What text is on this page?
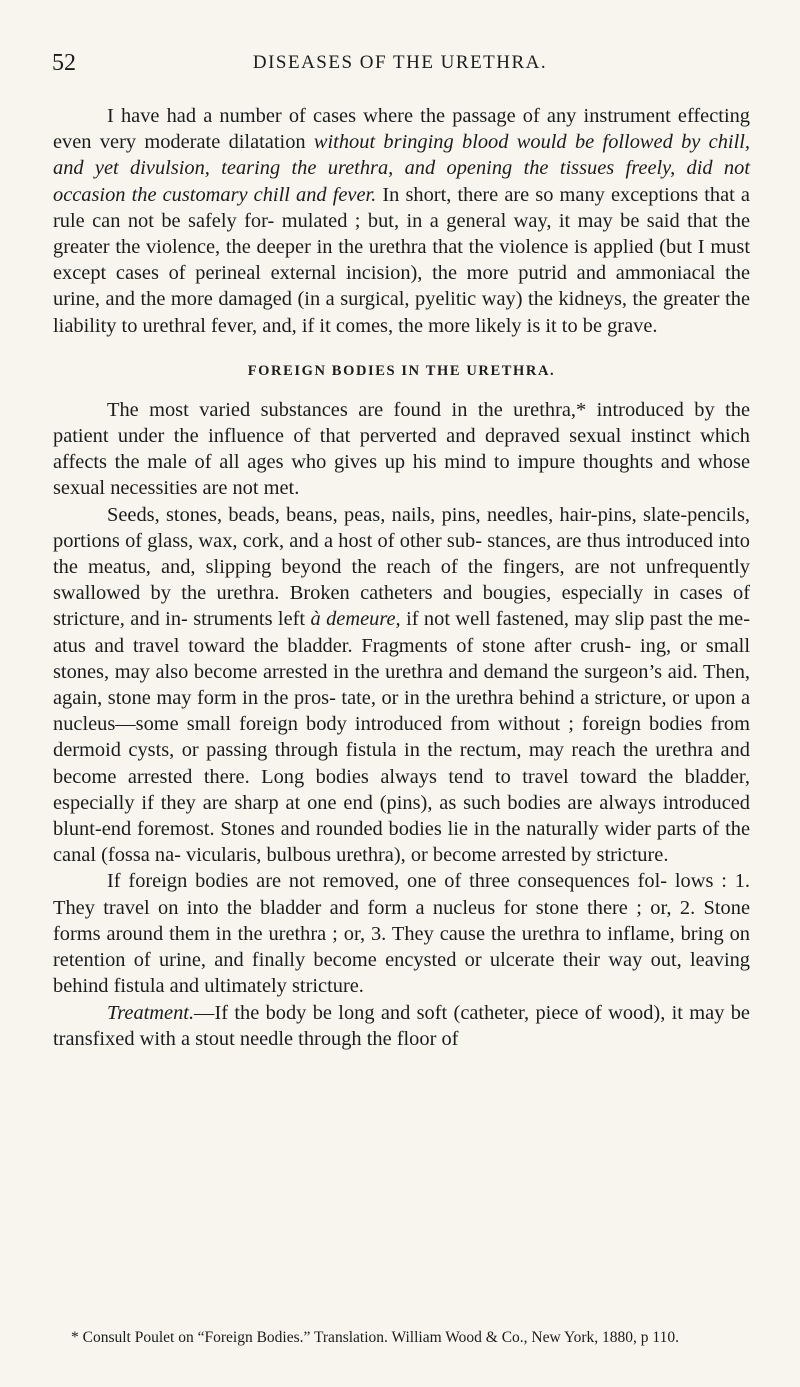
52	DISEASES OF THE URETHRA.

I have had a number of cases where the passage of any instrument effecting even very moderate dilatation without bringing blood would be followed by chill, and yet divulsion, tearing the urethra, and opening the tissues freely, did not occasion the customary chill and fever. In short, there are so many exceptions that a rule can not be safely for- mulated ; but, in a general way, it may be said that the greater the violence, the deeper in the urethra that the violence is applied (but I must except cases of perineal external incision), the more putrid and ammoniacal the urine, and the more damaged (in a surgical, pyelitic way) the kidneys, the greater the liability to urethral fever, and, if it comes, the more likely is it to be grave.

FOREIGN BODIES IN THE URETHRA.

The most varied substances are found in the urethra,* introduced by the patient under the influence of that perverted and depraved sexual instinct which affects the male of all ages who gives up his mind to impure thoughts and whose sexual necessities are not met.

Seeds, stones, beads, beans, peas, nails, pins, needles, hair-pins, slate-pencils, portions of glass, wax, cork, and a host of other sub- stances, are thus introduced into the meatus, and, slipping beyond the reach of the fingers, are not unfrequently swallowed by the urethra. Broken catheters and bougies, especially in cases of stricture, and in- struments left à demeure, if not well fastened, may slip past the me- atus and travel toward the bladder. Fragments of stone after crush- ing, or small stones, may also become arrested in the urethra and demand the surgeon’s aid. Then, again, stone may form in the pros- tate, or in the urethra behind a stricture, or upon a nucleus—some small foreign body introduced from without ; foreign bodies from dermoid cysts, or passing through fistula in the rectum, may reach the urethra and become arrested there. Long bodies always tend to travel toward the bladder, especially if they are sharp at one end (pins), as such bodies are always introduced blunt-end foremost. Stones and rounded bodies lie in the naturally wider parts of the canal (fossa na- vicularis, bulbous urethra), or become arrested by stricture.

If foreign bodies are not removed, one of three consequences fol- lows : 1. They travel on into the bladder and form a nucleus for stone there ; or, 2. Stone forms around them in the urethra ; or, 3. They cause the urethra to inflame, bring on retention of urine, and finally become encysted or ulcerate their way out, leaving behind fistula and ultimately stricture.

Treatment.—If the body be long and soft (catheter, piece of wood), it may be transfixed with a stout needle through the floor of

* Consult Poulet on “Foreign Bodies.” Translation. William Wood & Co., New York, 1880, p 110.
